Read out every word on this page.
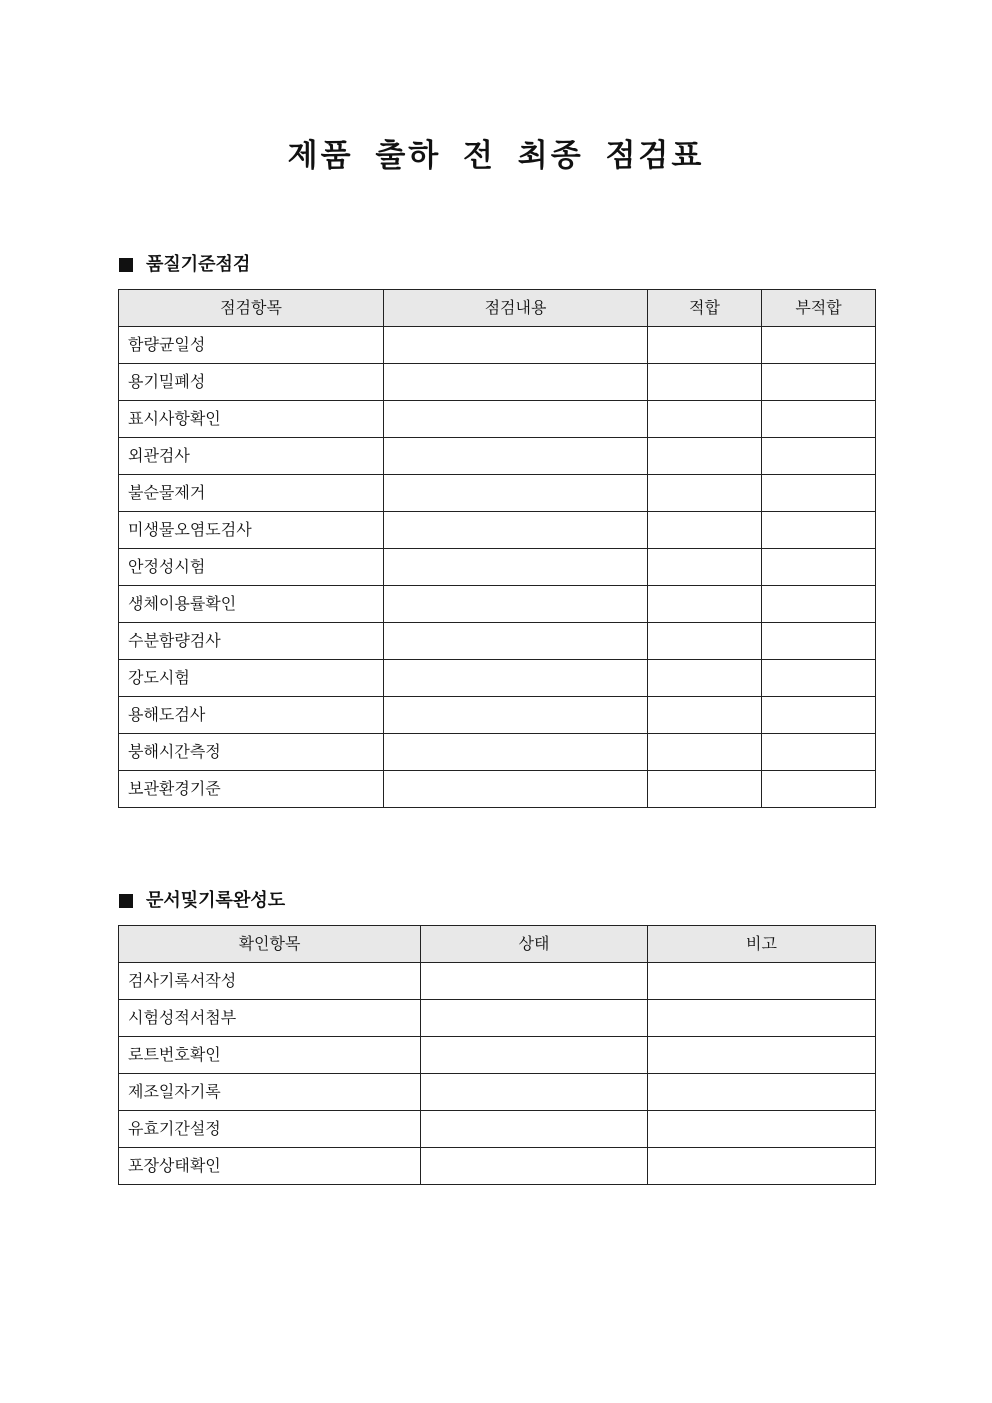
제품 출하 전 최종 점검표
품질기준점검
점검항목	점검내용	적합	부적합
함량균일성			
용기밀폐성			
표시사항확인			
외관검사			
불순물제거			
미생물오염도검사			
안정성시험			
생체이용률확인			
수분함량검사			
강도시험			
용해도검사			
붕해시간측정			
보관환경기준			
문서및기록완성도
확인항목	상태	비고
검사기록서작성		
시험성적서첨부		
로트번호확인		
제조일자기록		
유효기간설정		
포장상태확인		
